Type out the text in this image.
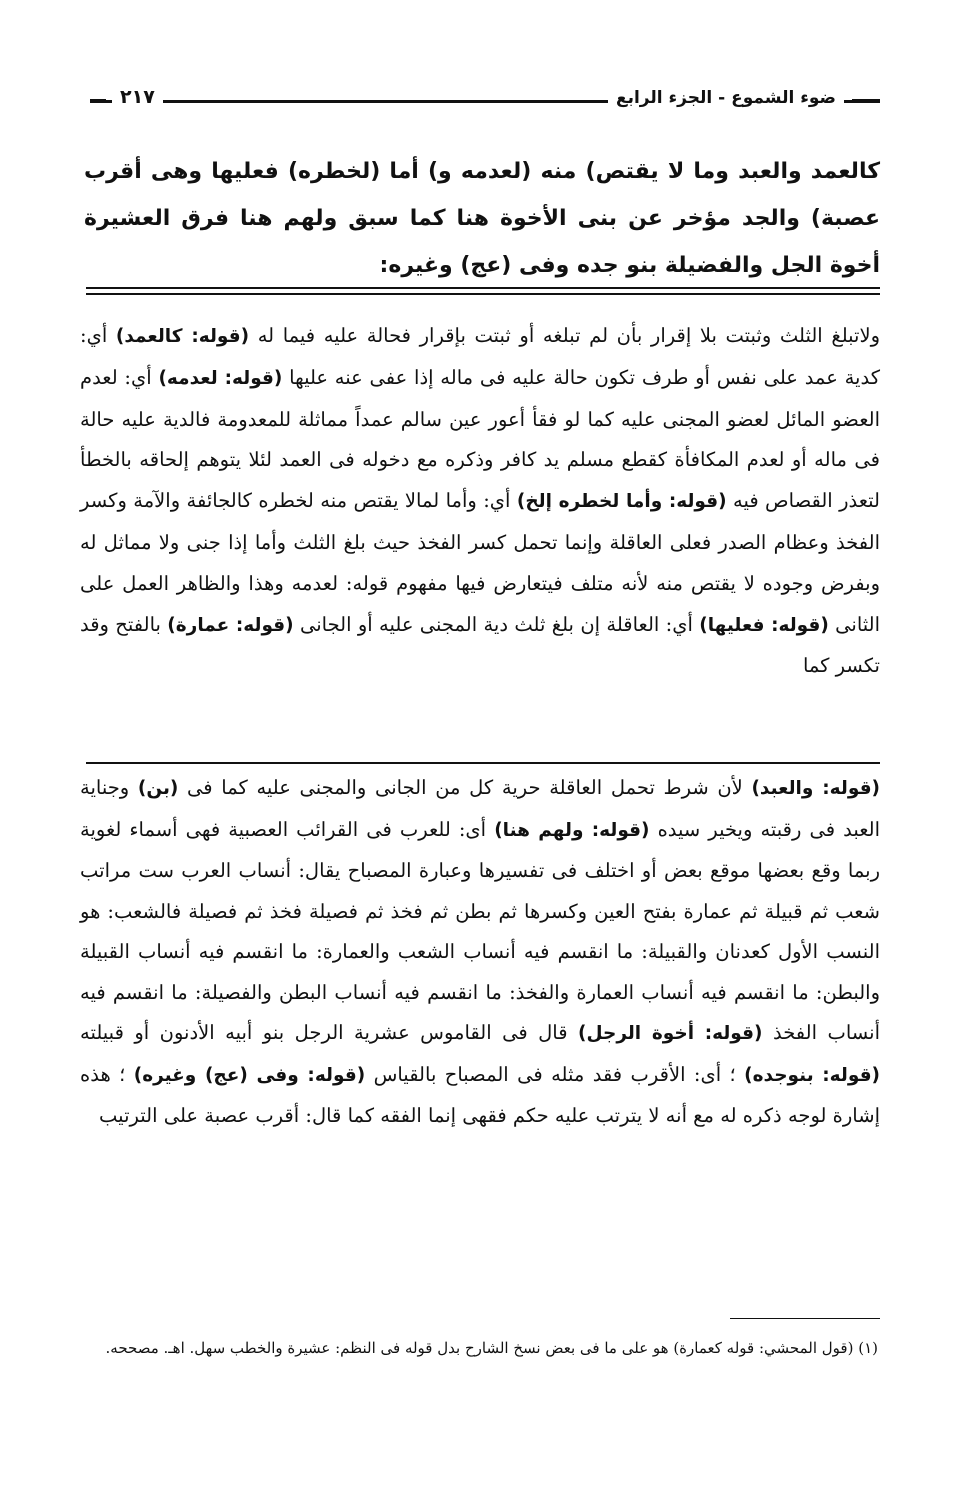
ضوء الشموع - الجزء الرابع
٢١٧

كالعمد والعبد وما لا يقتص) منه (لعدمه و) أما (لخطره) فعليها وهى أقرب عصبة) والجد مؤخر عن بنى الأخوة هنا كما سبق ولهم هنا فرق العشيرة أخوة الجل والفضيلة بنو جده وفى (عج) وغيره:

ولاتبلغ الثلث وثبتت بلا إقرار بأن لم تبلغه أو ثبتت بإقرار فحالة عليه فيما له (قوله: كالعمد) أي: كدية عمد على نفس أو طرف تكون حالة عليه فى ماله إذا عفى عنه عليها (قوله: لعدمه) أي: لعدم العضو المائل لعضو المجنى عليه كما لو فقأ أعور عين سالم عمداً مماثلة للمعدومة فالدية عليه حالة فى ماله أو لعدم المكافأة كقطع مسلم يد كافر وذكره مع دخوله فى العمد لئلا يتوهم إلحاقه بالخطأ لتعذر القصاص فيه (قوله: وأما لخطره إلخ) أي: وأما لمالا يقتص منه لخطره كالجائفة والآمة وكسر الفخذ وعظام الصدر فعلى العاقلة وإنما تحمل كسر الفخذ حيث بلغ الثلث وأما إذا جنى ولا مماثل له وبفرض وجوده لا يقتص منه لأنه متلف فيتعارض فيها مفهوم قوله: لعدمه وهذا والظاهر العمل على الثانى (قوله: فعليها) أي: العاقلة إن بلغ ثلث دية المجنى عليه أو الجانى (قوله: عمارة) بالفتح وقد تكسر كما

(قوله: والعبد) لأن شرط تحمل العاقلة حرية كل من الجانى والمجنى عليه كما فى (بن) وجناية العبد فى رقبته ويخير سيده (قوله: ولهم هنا) أى: للعرب فى القرائب العصبية فهى أسماء لغوية ربما وقع بعضها موقع بعض أو اختلف فى تفسيرها وعبارة المصباح يقال: أنساب العرب ست مراتب شعب ثم قبيلة ثم عمارة بفتح العين وكسرها ثم بطن ثم فخذ ثم فصيلة فخذ ثم فصيلة فالشعب: هو النسب الأول كعدنان والقبيلة: ما انقسم فيه أنساب الشعب والعمارة: ما انقسم فيه أنساب القبيلة والبطن: ما انقسم فيه أنساب العمارة والفخذ: ما انقسم فيه أنساب البطن والفصيلة: ما انقسم فيه أنساب الفخذ (قوله: أخوة الرجل) قال فى القاموس عشرية الرجل بنو أبيه الأدنون أو قبيلته (قوله: بنوجده) ؛ أى: الأقرب فقد مثله فى المصباح بالقياس (قوله: وفى (عج) وغيره) ؛ هذه إشارة لوجه ذكره له مع أنه لا يترتب عليه حكم فقهى إنما الفقه كما قال: أقرب عصبة على الترتيب

(١) (قول المحشي: قوله كعمارة) هو على ما فى بعض نسخ الشارح بدل قوله فى النظم: عشيرة والخطب سهل. اهـ. مصححه.
